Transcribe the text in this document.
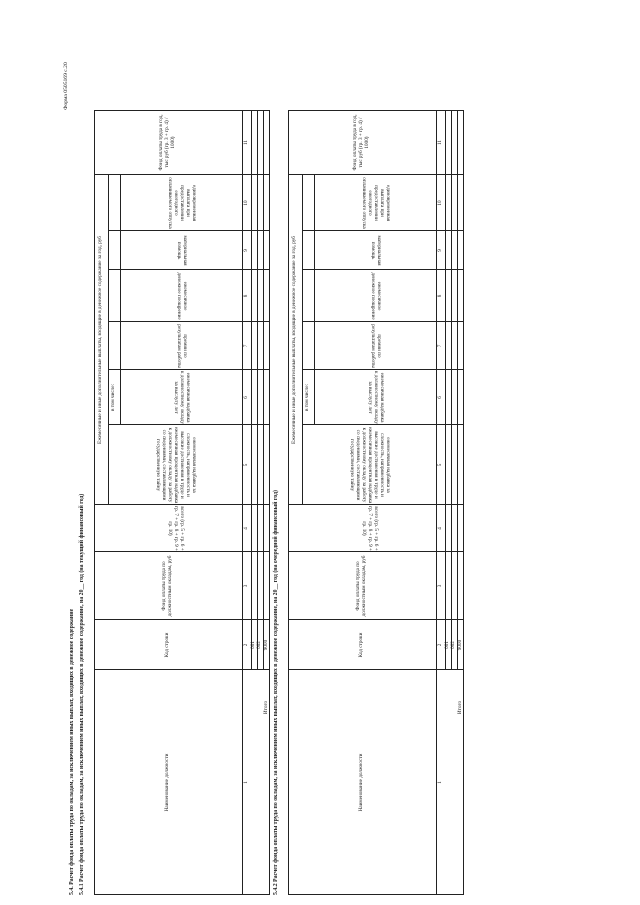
Форма 0505169 с.20
5.4. Расчет фонда оплаты труда по окладам, за исключением иных выплат, входящих в денежное содержание 5.4.1 Расчет фонда оплаты труда по окладам, за исключением иных выплат, входящих в денежное содержание, на 20__ год (на текущий финансовый год)	Наименование должности
Код строки
Фонд оплаты труда по должностным окладам, руб
Ежемесячные и иные дополнительные выплаты, входящие в денежное содержание за год, руб
всего (гр. 5 + гр. 6 + гр. 7 + гр. 8 + гр. 9 + гр. 10)
в том числе:
ежемесячная надбавка за сложность, напряженность и высокие достижения в труде и ежемесячная процентная надбавка к должностному окладу за работу со сведениями, составляющими государственную тайну
ежемесячная надбавка к должностному окладу за выслугу лет
премии по результатам работы
ежемесячное денежное поощрение
материальная помощь
единовременная выплата при предоставлении ежегодного оплачиваемого отпуска
Фонд оплаты труда в год, тыс руб (гр. 3 + гр. 4) / 1000)
1
2
3
4
5
6
7
8
9
10
11
001 002 9000
Итого 5.4.2 Расчет фонда оплаты труда по окладам, за исключением иных выплат, входящих в денежное содержание, на 20__ год (на очередной финансовый год)	Наименование должности
Код строки
Фонд оплаты труда по должностным окладам, руб
Ежемесячные и иные дополнительные выплаты, входящие в денежное содержание за год, руб
всего (гр. 5 + гр. 6 + гр. 7 + гр. 8 + гр. 9 + гр. 10)
в том числе:
ежемесячная надбавка за сложность, напряженность и высокие достижения в труде и ежемесячная процентная надбавка к должностному окладу за работу со сведениями, составляющими государственную тайну
ежемесячная надбавка к должностному окладу за выслугу лет
премии по результатам работы
ежемесячное денежное поощрение
материальная помощь
единовременная выплата при предоставлении ежегодного оплачиваемого отпуска
Фонд оплаты труда в год, тыс руб (гр. 3 + гр. 4) / 1000)
1
2
3
4
5
6
7
8
9
10
11
001 002 9000
Итого
